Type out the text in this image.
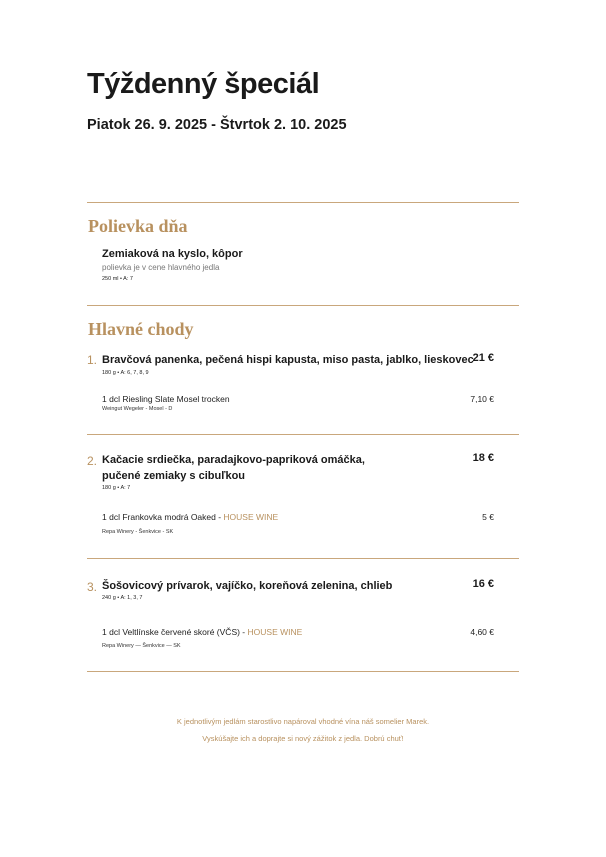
Týždenný špeciál
Piatok 26. 9. 2025 - Štvrtok 2. 10. 2025
Polievka dňa
Zemiaková na kyslo, kôpor
polievka je v cene hlavného jedla
250 ml • A: 7
Hlavné chody
1. Bravčová panenka, pečená hispi kapusta, miso pasta, jablko, lieskovec
21 €
180 g • A: 6, 7, 8, 9
1 dcl Riesling Slate Mosel trocken	7,10 €
Weingut Wegeler - Mosel - D
2. Kačacie srdiečka, paradajkovo-papriková omáčka,
pučené zemiaky s cibuľkou
18 €
180 g • A: 7
1 dcl Frankovka modrá Oaked - HOUSE WINE	5 €
Repa Winery - Šenkvice - SK
3. Šošovicový prívarok, vajíčko, koreňová zelenina, chlieb	16 €
240 g • A: 1, 3, 7
1 dcl Veltlínske červené skoré (VČS) - HOUSE WINE	4,60 €
Repa Winery — Šenkvice — SK
K jednotlivým jedlám starostlivo napároval vhodné vína náš somelier Marek.
Vyskúšajte ich a doprajte si nový zážitok z jedla. Dobrú chuť!
